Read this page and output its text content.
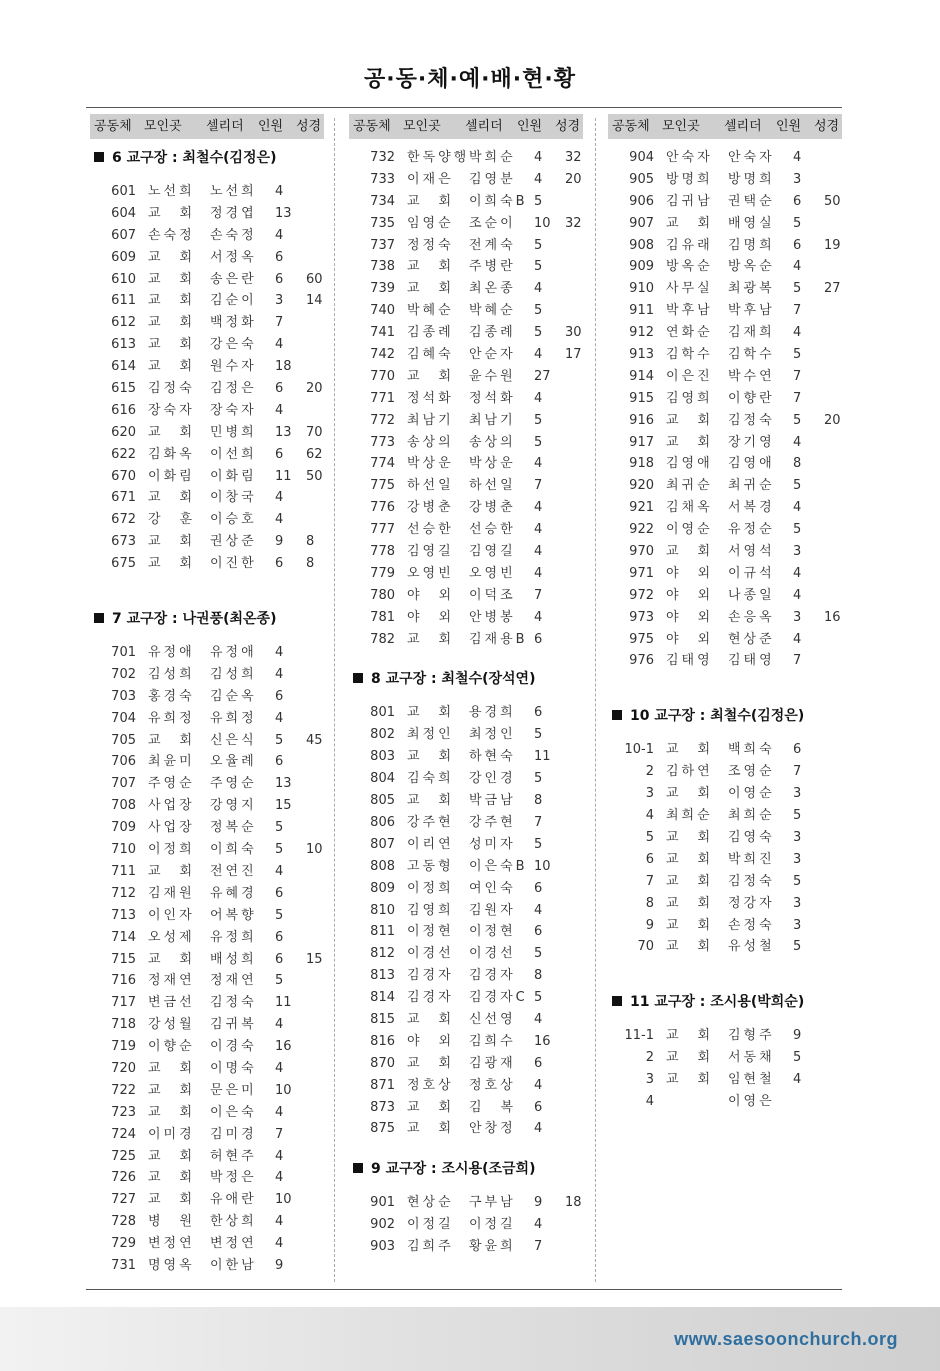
공·동·체·예·배·현·황
공동체 모인곳 셀리더 인원 성경
6 교구장 : 최철수(김정은)
601 노선희 노선희 4
604 교　회 정경엽 13
607 손숙정 손숙정 4
609 교　회 서정옥 6
610 교　회 송은란 6 60
611 교　회 김순이 3 14
612 교　회 백정화 7
613 교　회 강은숙 4
614 교　회 원수자 18
615 김정숙 김정은 6 20
616 장숙자 장숙자 4
620 교　회 민병희 13 70
622 김화옥 이선희 6 62
670 이화림 이화림 11 50
671 교　회 이창국 4
672 강　훈 이승호 4
673 교　회 권상준 9 8
675 교　회 이진한 6 8
7 교구장 : 나권풍(최온종)
701 유정애 유정애 4
702 김성희 김성희 4
703 홍경숙 김순옥 6
704 유희정 유희정 4
705 교　회 신은식 5 45
706 최윤미 오율례 6
707 주영순 주영순 13
708 사업장 강영지 15
709 사업장 정복순 5
710 이정희 이희숙 5 10
711 교　회 전연진 4
712 김재원 유혜경 6
713 이인자 어복향 5
714 오성제 유정희 6
715 교　회 배성희 6 15
716 정재연 정재연 5
717 변금선 김정숙 11
718 강성월 김귀복 4
719 이향순 이경숙 16
720 교　회 이명숙 4
722 교　회 문은미 10
723 교　회 이은숙 4
724 이미경 김미경 7
725 교　회 허현주 4
726 교　회 박정은 4
727 교　회 유애란 10
728 병　원 한상희 4
729 변정연 변정연 4
731 명영옥 이한남 9
공동체 모인곳 셀리더 인원 성경
732 한독양행 박희순 4 32
733 이재은 김영분 4 20
734 교　회 이희숙B 5
735 임영순 조순이 10 32
737 정정숙 전계숙 5
738 교　회 주병란 5
739 교　회 최온종 4
740 박혜순 박혜순 5
741 김종례 김종례 5 30
742 김혜숙 안순자 4 17
770 교　회 윤수원 27
771 정석화 정석화 4
772 최남기 최남기 5
773 송상의 송상의 5
774 박상운 박상운 4
775 하선일 하선일 7
776 강병춘 강병춘 4
777 선승한 선승한 4
778 김영길 김영길 4
779 오영빈 오영빈 4
780 야　외 이덕조 7
781 야　외 안병봉 4
782 교　회 김재용B 6
8 교구장 : 최철수(장석연)
801 교　회 용경희 6
802 최정인 최정인 5
803 교　회 하현숙 11
804 김숙희 강인경 5
805 교　회 박금남 8
806 강주현 강주현 7
807 이리연 성미자 5
808 고동형 이은숙B 10
809 이정희 여인숙 6
810 김영희 김원자 4
811 이정현 이정현 6
812 이경선 이경선 5
813 김경자 김경자 8
814 김경자 김경자C 5
815 교　회 신선영 4
816 야　외 김희수 16
870 교　회 김광재 6
871 정호상 정호상 4
873 교　회 김　복 6
875 교　회 안창정 4
9 교구장 : 조시용(조금희)
901 현상순 구부남 9 18
902 이정길 이정길 4
903 김희주 황윤희 7
공동체 모인곳 셀리더 인원 성경
904 안숙자 안숙자 4
905 방명희 방명희 3
906 김귀남 권택순 6 50
907 교　회 배영실 5
908 김유래 김명희 6 19
909 방옥순 방옥순 4
910 사무실 최광복 5 27
911 박후남 박후남 7
912 연화순 김재희 4
913 김학수 김학수 5
914 이은진 박수연 7
915 김영희 이향란 7
916 교　회 김정숙 5 20
917 교　회 장기영 4
918 김영애 김영애 8
920 최귀순 최귀순 5
921 김채옥 서복경 4
922 이영순 유정순 5
970 교　회 서영석 3
971 야　외 이규석 4
972 야　외 나종일 4
973 야　외 손응옥 3 16
975 야　외 현상준 4
976 김태영 김태영 7
10 교구장 : 최철수(김정은)
10-1 교　회 백희숙 6
2 김하연 조영순 7
3 교　회 이영순 3
4 최희순 최희순 5
5 교　회 김영숙 3
6 교　회 박희진 3
7 교　회 김정숙 5
8 교　회 정강자 3
9 교　회 손정숙 3
70 교　회 유성철 5
11 교구장 : 조시용(박희순)
11-1 교　회 김형주 9
2 교　회 서동채 5
3 교　회 임현철 4
4	이영은
www.saesoonchurch.org
